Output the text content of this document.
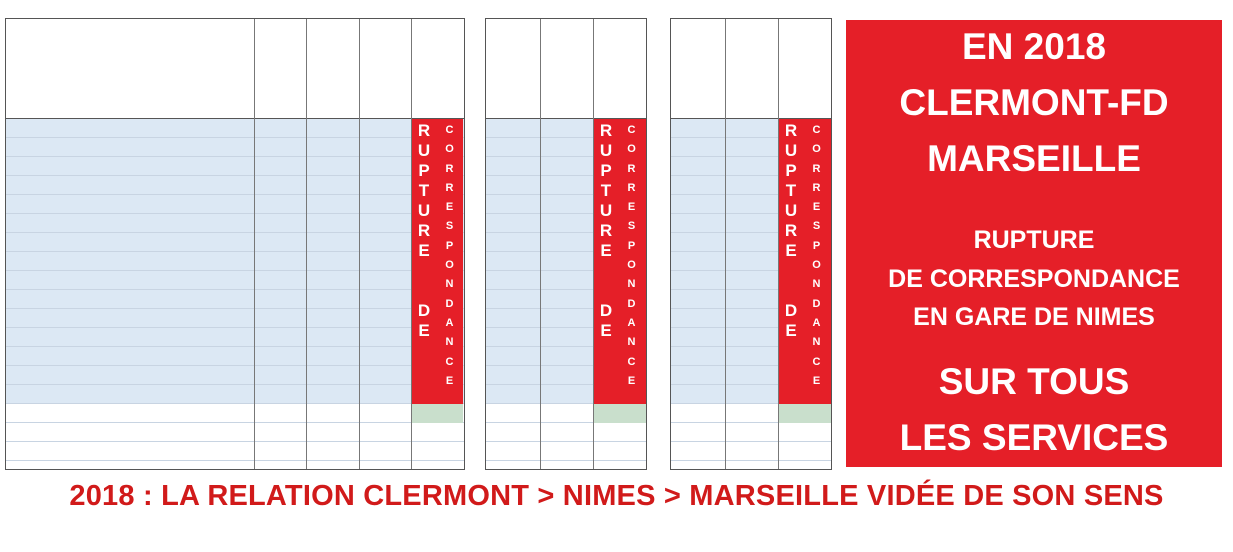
R
U
P
T
U
R
E
D
E
C
O
R
R
E
S
P
O
N
D
A
N
C
E
R
U
P
T
U
R
E
D
E
C
O
R
R
E
S
P
O
N
D
A
N
C
E
R
U
P
T
U
R
E
D
E
C
O
R
R
E
S
P
O
N
D
A
N
C
E
EN 2018
CLERMONT-FD
MARSEILLE
RUPTURE
DE CORRESPONDANCE
EN GARE DE NIMES
SUR TOUS
LES SERVICES
2018 : LA RELATION CLERMONT > NIMES > MARSEILLE VIDÉE DE SON SENS
